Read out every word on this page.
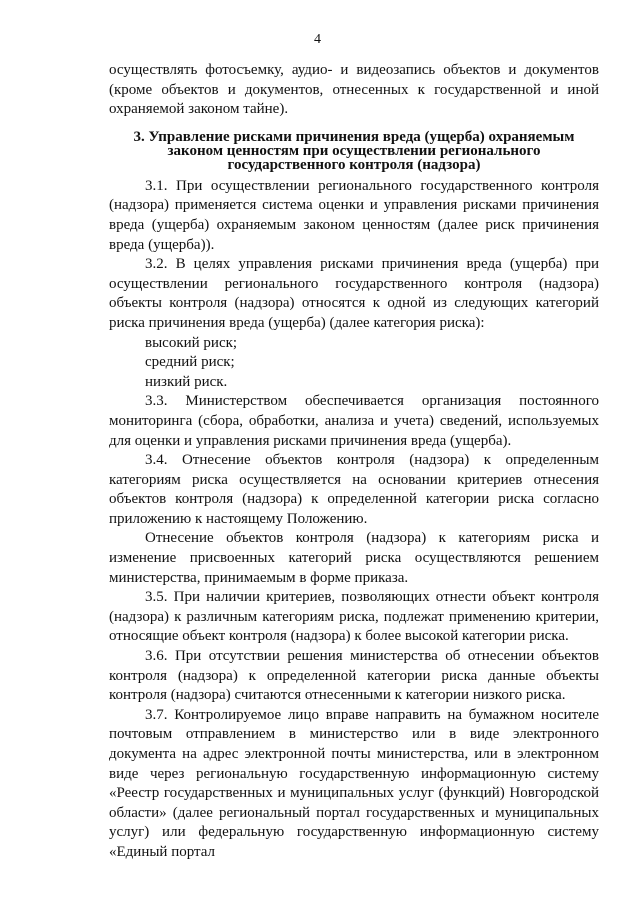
4

осуществлять фотосъемку, аудио- и видеозапись объектов и документов (кроме объектов и документов, отнесенных к государственной и иной охраняемой законом тайне).

3. Управление рисками причинения вреда (ущерба) охраняемым законом ценностям при осуществлении регионального государственного контроля (надзора)

3.1. При осуществлении регионального государственного контроля (надзора) применяется система оценки и управления рисками причинения вреда (ущерба) охраняемым законом ценностям (далее риск причинения вреда (ущерба)).

3.2. В целях управления рисками причинения вреда (ущерба) при осуществлении регионального государственного контроля (надзора) объекты контроля (надзора) относятся к одной из следующих категорий риска причинения вреда (ущерба) (далее категория риска):

высокий риск;

средний риск;

низкий риск.

3.3. Министерством обеспечивается организация постоянного мониторинга (сбора, обработки, анализа и учета) сведений, используемых для оценки и управления рисками причинения вреда (ущерба).

3.4. Отнесение объектов контроля (надзора) к определенным категориям риска осуществляется на основании критериев отнесения объектов контроля (надзора) к определенной категории риска согласно приложению к настоящему Положению.

Отнесение объектов контроля (надзора) к категориям риска и изменение присвоенных категорий риска осуществляются решением министерства, принимаемым в форме приказа.

3.5. При наличии критериев, позволяющих отнести объект контроля (надзора) к различным категориям риска, подлежат применению критерии, относящие объект контроля (надзора) к более высокой категории риска.

3.6. При отсутствии решения министерства об отнесении объектов контроля (надзора) к определенной категории риска данные объекты контроля (надзора) считаются отнесенными к категории низкого риска.

3.7. Контролируемое лицо вправе направить на бумажном носителе почтовым отправлением в министерство или в виде электронного документа на адрес электронной почты министерства, или в электронном виде через региональную государственную информационную систему «Реестр государственных и муниципальных услуг (функций) Новгородской области» (далее региональный портал государственных и муниципальных услуг) или федеральную государственную информационную систему «Единый портал
